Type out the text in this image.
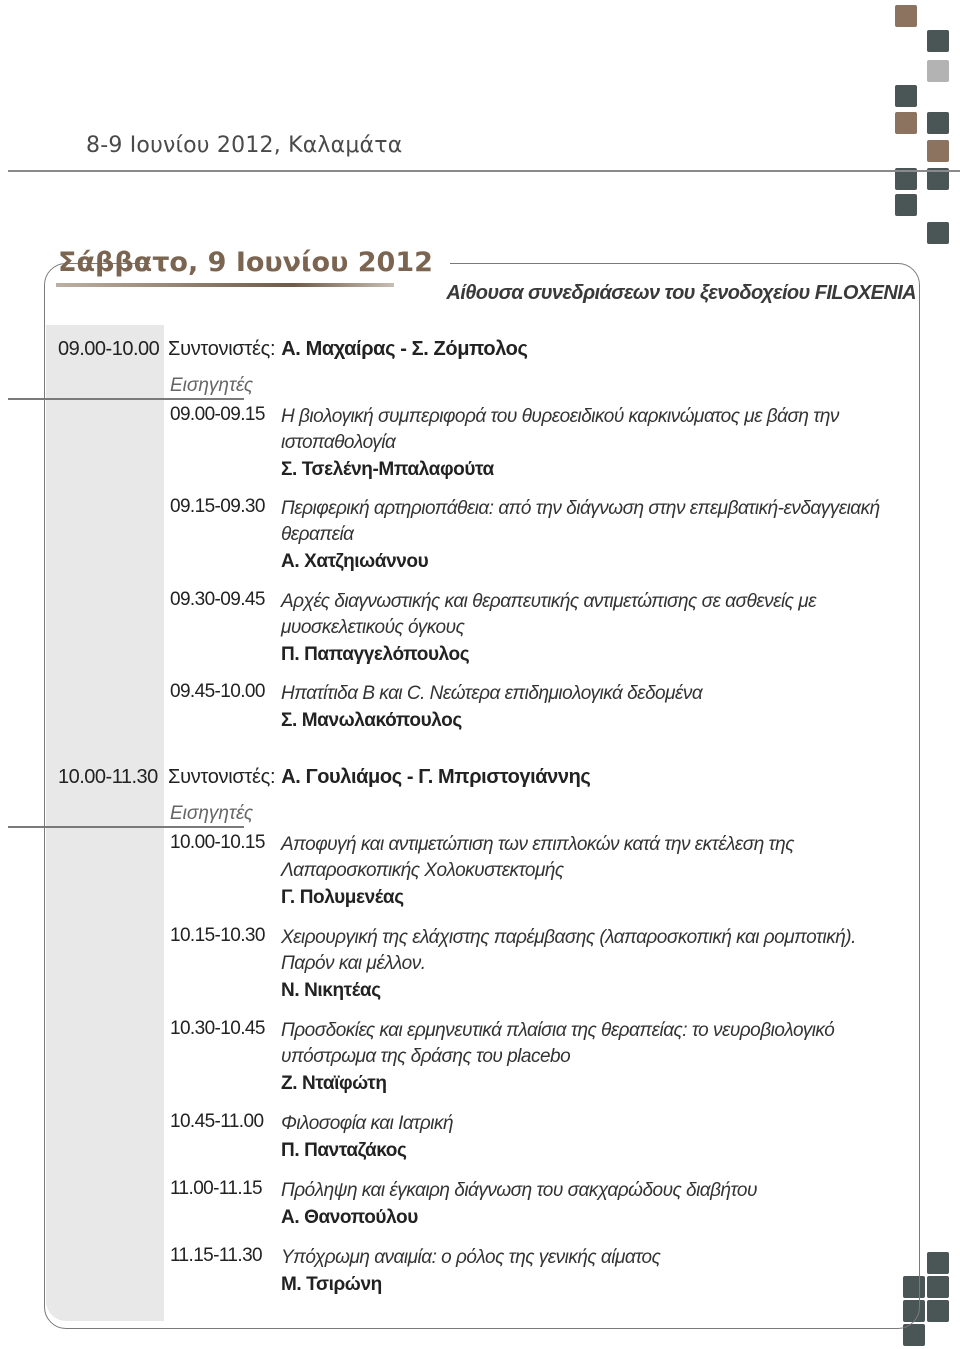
8-9 Ιουνίου 2012, Καλαμάτα
Σάββατο, 9 Ιουνίου 2012
Αίθουσα συνεδριάσεων του ξενοδοχείου FILOXENIA
09.00-10.00 Συντονιστές: Α. Μαχαίρας - Σ. Ζόμπολος
Εισηγητές
09.00-09.15 Η βιολογική συμπεριφορά του θυρεοειδικού καρκινώματος με βάση την ιστοπαθολογία
Σ. Τσελένη-Μπαλαφούτα
09.15-09.30 Περιφερική αρτηριοπάθεια: από την διάγνωση στην επεμβατική-ενδαγγειακή θεραπεία
Α. Χατζηιωάννου
09.30-09.45 Αρχές διαγνωστικής και θεραπευτικής αντιμετώπισης σε ασθενείς με μυοσκελετικούς όγκους
Π. Παπαγγελόπουλος
09.45-10.00 Ηπατίτιδα Β και C. Νεώτερα επιδημιολογικά δεδομένα
Σ. Μανωλακόπουλος
10.00-11.30 Συντονιστές: Α. Γουλιάμος - Γ. Μπριστογιάννης
Εισηγητές
10.00-10.15 Αποφυγή και αντιμετώπιση των επιπλοκών κατά την εκτέλεση της Λαπαροσκοπικής Χολοκυστεκτομής
Γ. Πολυμενέας
10.15-10.30 Χειρουργική της ελάχιστης παρέμβασης (λαπαροσκοπική και ρομποτική). Παρόν και μέλλον.
Ν. Νικητέας
10.30-10.45 Προσδοκίες και ερμηνευτικά πλαίσια της θεραπείας: το νευροβιολογικό υπόστρωμα της δράσης του placebo
Ζ. Νταϊφώτη
10.45-11.00 Φιλοσοφία και Ιατρική
Π. Πανταζάκος
11.00-11.15 Πρόληψη και έγκαιρη διάγνωση του σακχαρώδους διαβήτου
Α. Θανοπούλου
11.15-11.30 Υπόχρωμη αναιμία: ο ρόλος της γενικής αίματος
Μ. Τσιρώνη
